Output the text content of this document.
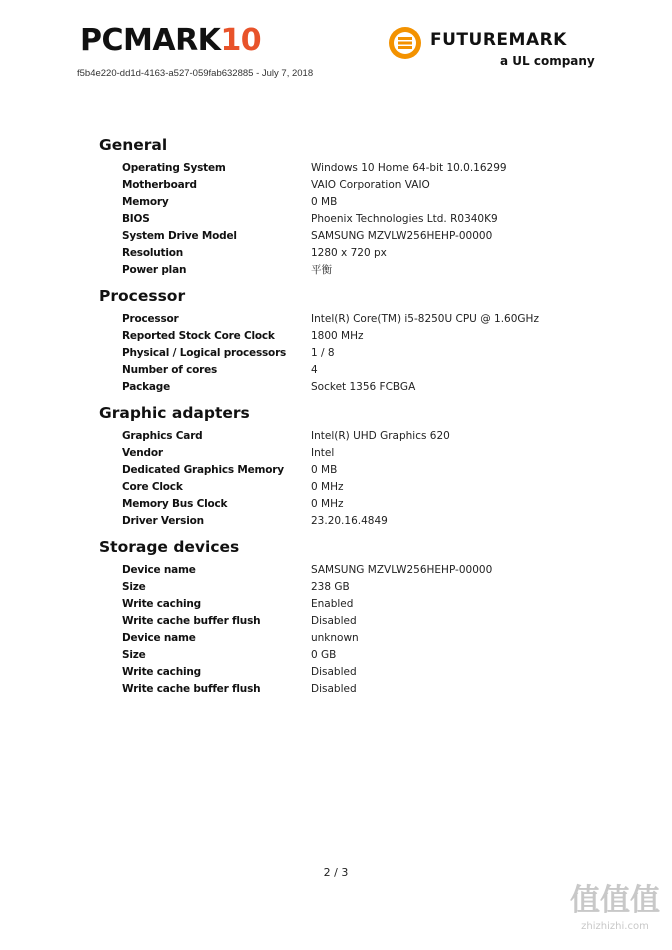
PCMARK10
f5b4e220-dd1d-4163-a527-059fab632885 - July 7, 2018
FUTUREMARK
a UL company
General
Operating System	Windows 10 Home 64-bit 10.0.16299
Motherboard	VAIO Corporation VAIO
Memory	0 MB
BIOS	Phoenix Technologies Ltd. R0340K9
System Drive Model	SAMSUNG MZVLW256HEHP-00000
Resolution	1280 x 720 px
Power plan	平衡
Processor
Processor	Intel(R) Core(TM) i5-8250U CPU @ 1.60GHz
Reported Stock Core Clock	1800 MHz
Physical / Logical processors	1 / 8
Number of cores	4
Package	Socket 1356 FCBGA
Graphic adapters
Graphics Card	Intel(R) UHD Graphics 620
Vendor	Intel
Dedicated Graphics Memory	0 MB
Core Clock	0 MHz
Memory Bus Clock	0 MHz
Driver Version	23.20.16.4849
Storage devices
Device name	SAMSUNG MZVLW256HEHP-00000
Size	238 GB
Write caching	Enabled
Write cache buffer flush	Disabled
Device name	unknown
Size	0 GB
Write caching	Disabled
Write cache buffer flush	Disabled
2 / 3
值值值
zhizhizhi.com
